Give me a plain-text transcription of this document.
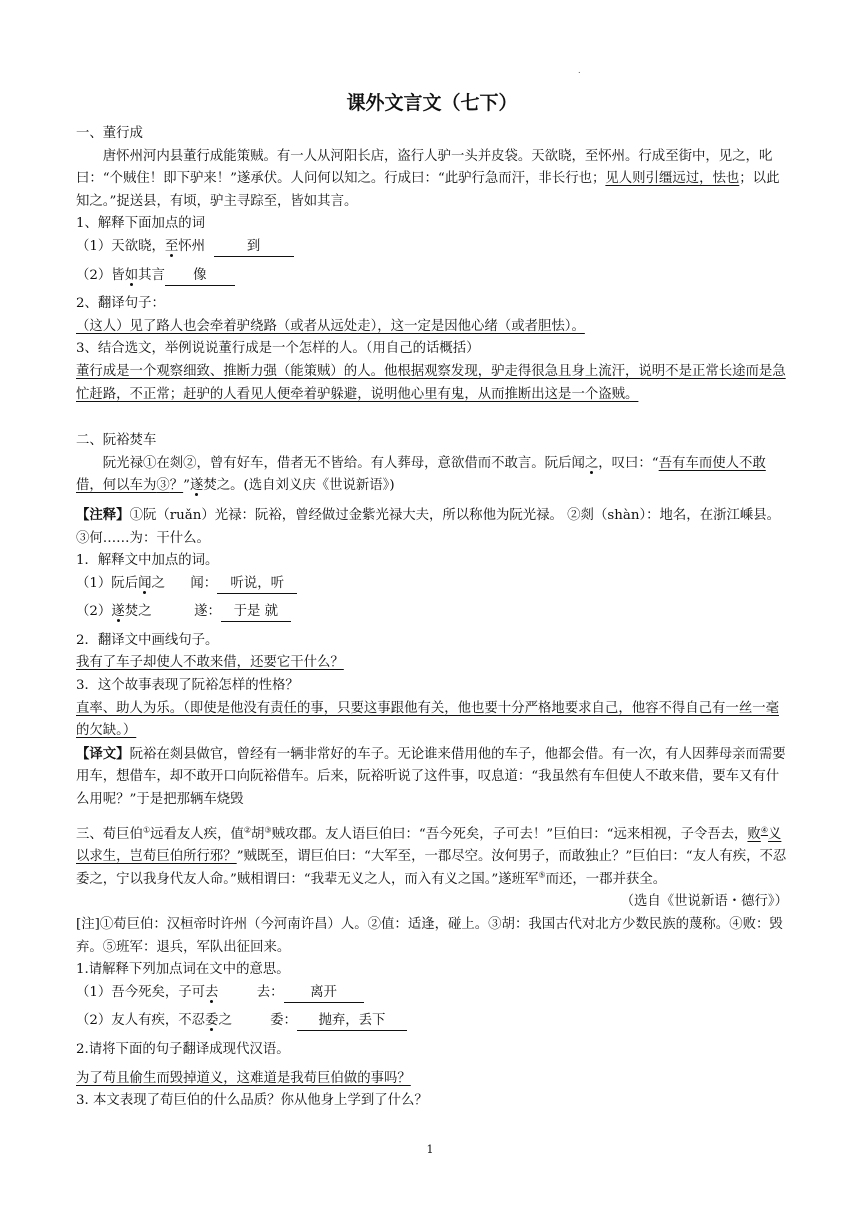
.
课外文言文（七下）

一、董行成

唐怀州河内县董行成能策贼。有一人从河阳长店，盗行人驴一头并皮袋。天欲晓，至怀州。行成至街中，见之，叱曰：“个贼住！即下驴来！”遂承伏。人问何以知之。行成曰：“此驴行急而汗，非长行也；见人则引缰远过，怯也；以此知之。”捉送县，有顷，驴主寻踪至，皆如其言。

1、解释下面加点的词

（1）天欲晓，至怀州	到

（2）皆如其言 像

2、翻译句子：

（这人）见了路人也会牵着驴绕路（或者从远处走），这一定是因他心绪（或者胆怯）。

3、结合选文，举例说说董行成是一个怎样的人。（用自己的话概括）

董行成是一个观察细致、推断力强（能策贼）的人。他根据观察发现，驴走得很急且身上流汗，说明不是正常长途而是急忙赶路，不正常；赶驴的人看见人便牵着驴躲避，说明他心里有鬼，从而推断出这是一个盗贼。

二、阮裕焚车

阮光禄①在剡②，曾有好车，借者无不皆给。有人葬母，意欲借而不敢言。阮后闻之，叹曰：“吾有车而使人不敢借，何以车为③？”遂焚之。(选自刘义庆《世说新语》)

【注释】①阮（ruǎn）光禄：阮裕，曾经做过金紫光禄大夫，所以称他为阮光禄。 ②剡（shàn）：地名，在浙江嵊县。 ③何……为：干什么。

1．解释文中加点的词。

（1）阮后闻之 闻： 听说，听

（2）遂焚之	遂： 于是 就

2．翻译文中画线句子。

我有了车子却使人不敢来借，还要它干什么？

3．这个故事表现了阮裕怎样的性格？

直率、助人为乐。（即使是他没有责任的事，只要这事跟他有关，他也要十分严格地要求自己，他容不得自己有一丝一毫的欠缺。）

【译文】阮裕在剡县做官，曾经有一辆非常好的车子。无论谁来借用他的车子，他都会借。有一次，有人因葬母亲而需要用车，想借车，却不敢开口向阮裕借车。后来，阮裕听说了这件事，叹息道：“我虽然有车但使人不敢来借，要车又有什么用呢？”于是把那辆车烧毁

三、荀巨伯①远看友人疾，值②胡③贼攻郡。友人语巨伯曰：“吾今死矣，子可去！”巨伯曰：“远来相视，子令吾去，败④义以求生，岂荀巨伯所行邪？”贼既至，谓巨伯曰：“大军至，一郡尽空。汝何男子，而敢独止？”巨伯曰：“友人有疾，不忍委之，宁以我身代友人命。”贼相谓曰：“我辈无义之人，而入有义之国。”遂班军⑤而还，一郡并获全。

（选自《世说新语・德行》）

[注]①荀巨伯：汉桓帝时许州（今河南许昌）人。②值：适逢，碰上。③胡：我国古代对北方少数民族的蔑称。④败：毁弃。⑤班军：退兵，军队出征回来。

1.请解释下列加点词在文中的意思。

（1）吾今死矣，子可去	去： 离开

（2）友人有疾，不忍委之	委： 抛弃，丢下

2.请将下面的句子翻译成现代汉语。

为了苟且偷生而毁掉道义，这难道是我荀巨伯做的事吗？

3. 本文表现了荀巨伯的什么品质？你从他身上学到了什么？

1
